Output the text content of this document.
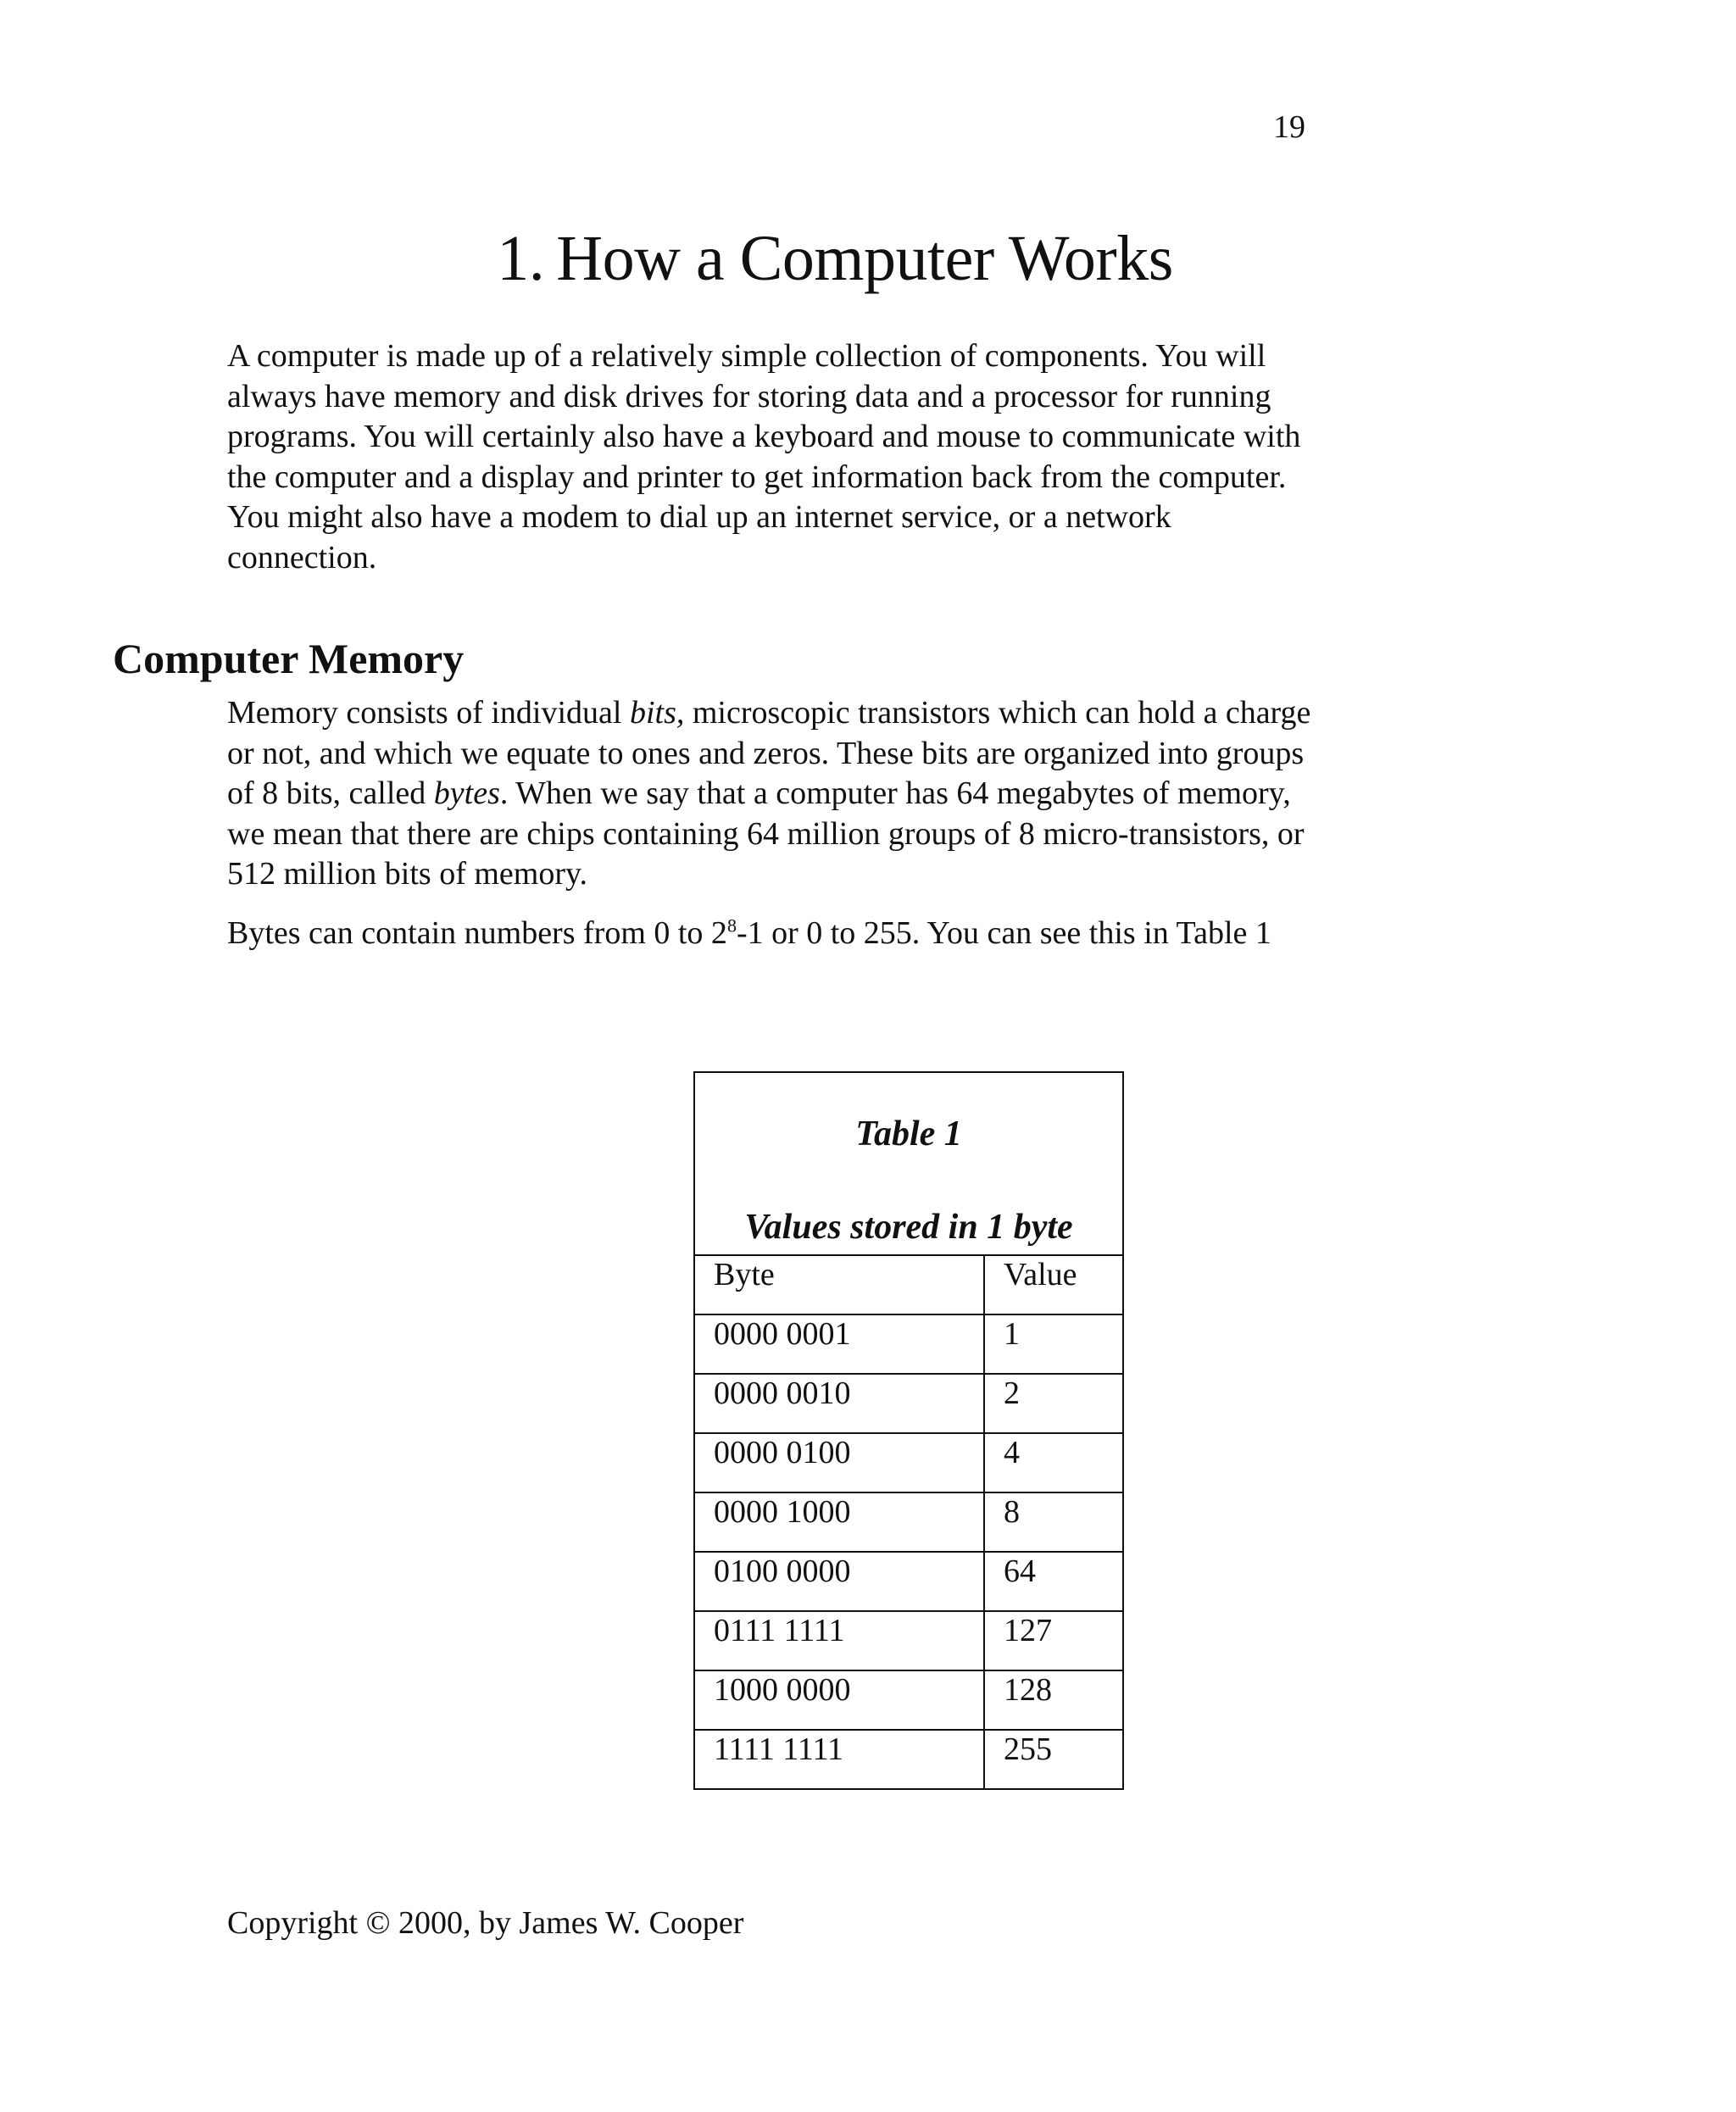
19
1. How a Computer Works

A computer is made up of a relatively simple collection of components. You will always have memory and disk drives for storing data and a processor for running programs. You will certainly also have a keyboard and mouse to communicate with the computer and a display and printer to get information back from the computer. You might also have a modem to dial up an internet service, or a network connection.

Computer Memory

Memory consists of individual bits, microscopic transistors which can hold a charge or not, and which we equate to ones and zeros. These bits are organized into groups of 8 bits, called bytes. When we say that a computer has 64 megabytes of memory, we mean that there are chips containing 64 million groups of 8 micro-transistors, or 512 million bits of memory.

Bytes can contain numbers from 0 to $2^8-1$ or 0 to 255. You can see this in Table 1

Table 1
Values stored in 1 byte	

Byte	Value
0000 0001	1
0000 0010	2
0000 0100	4
0000 1000	8
0100 0000	64
0111 1111	127
1000 0000	128
1111 1111	255

Copyright © 2000, by James W. Cooper
